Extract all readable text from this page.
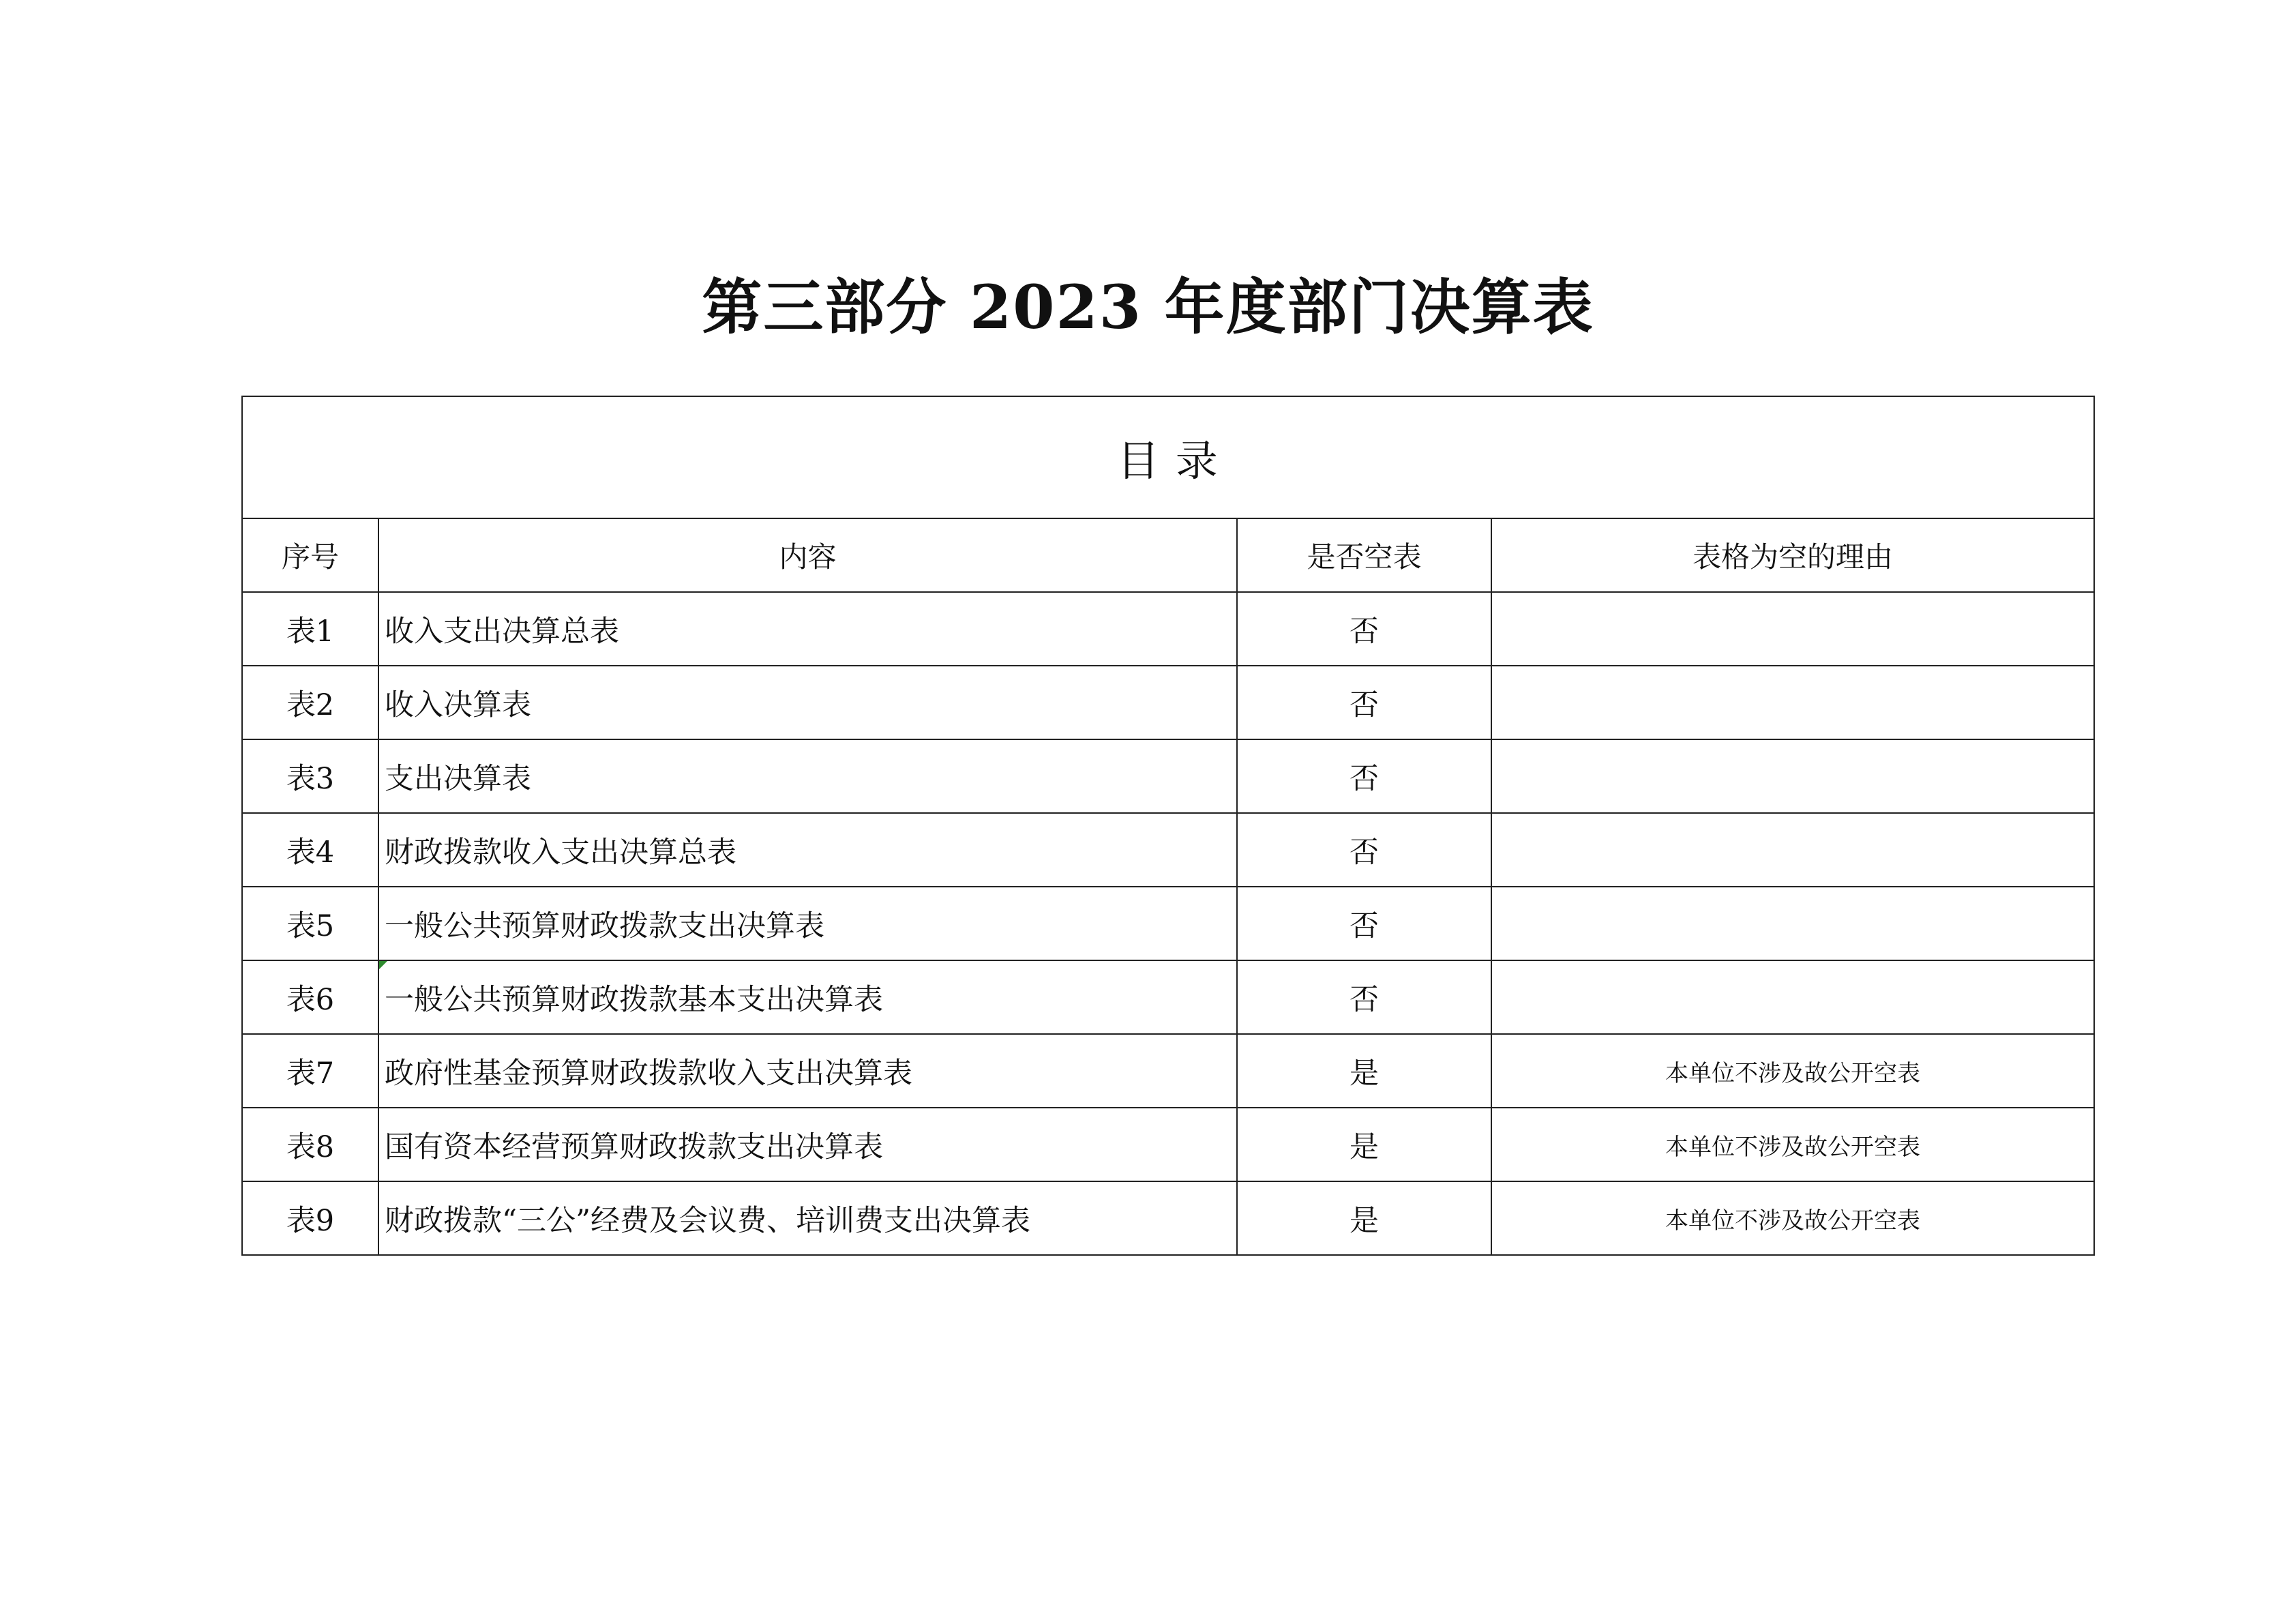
第三部分 2023 年度部门决算表
目 录			
序号	内容	是否空表	表格为空的理由
表1	收入支出决算总表	否	
表2	收入决算表	否	
表3	支出决算表	否	
表4	财政拨款收入支出决算总表	否	
表5	一般公共预算财政拨款支出决算表	否	
表6	一般公共预算财政拨款基本支出决算表	否	
表7	政府性基金预算财政拨款收入支出决算表	是	本单位不涉及故公开空表
表8	国有资本经营预算财政拨款支出决算表	是	本单位不涉及故公开空表
表9	财政拨款“三公”经费及会议费、培训费支出决算表	是	本单位不涉及故公开空表
